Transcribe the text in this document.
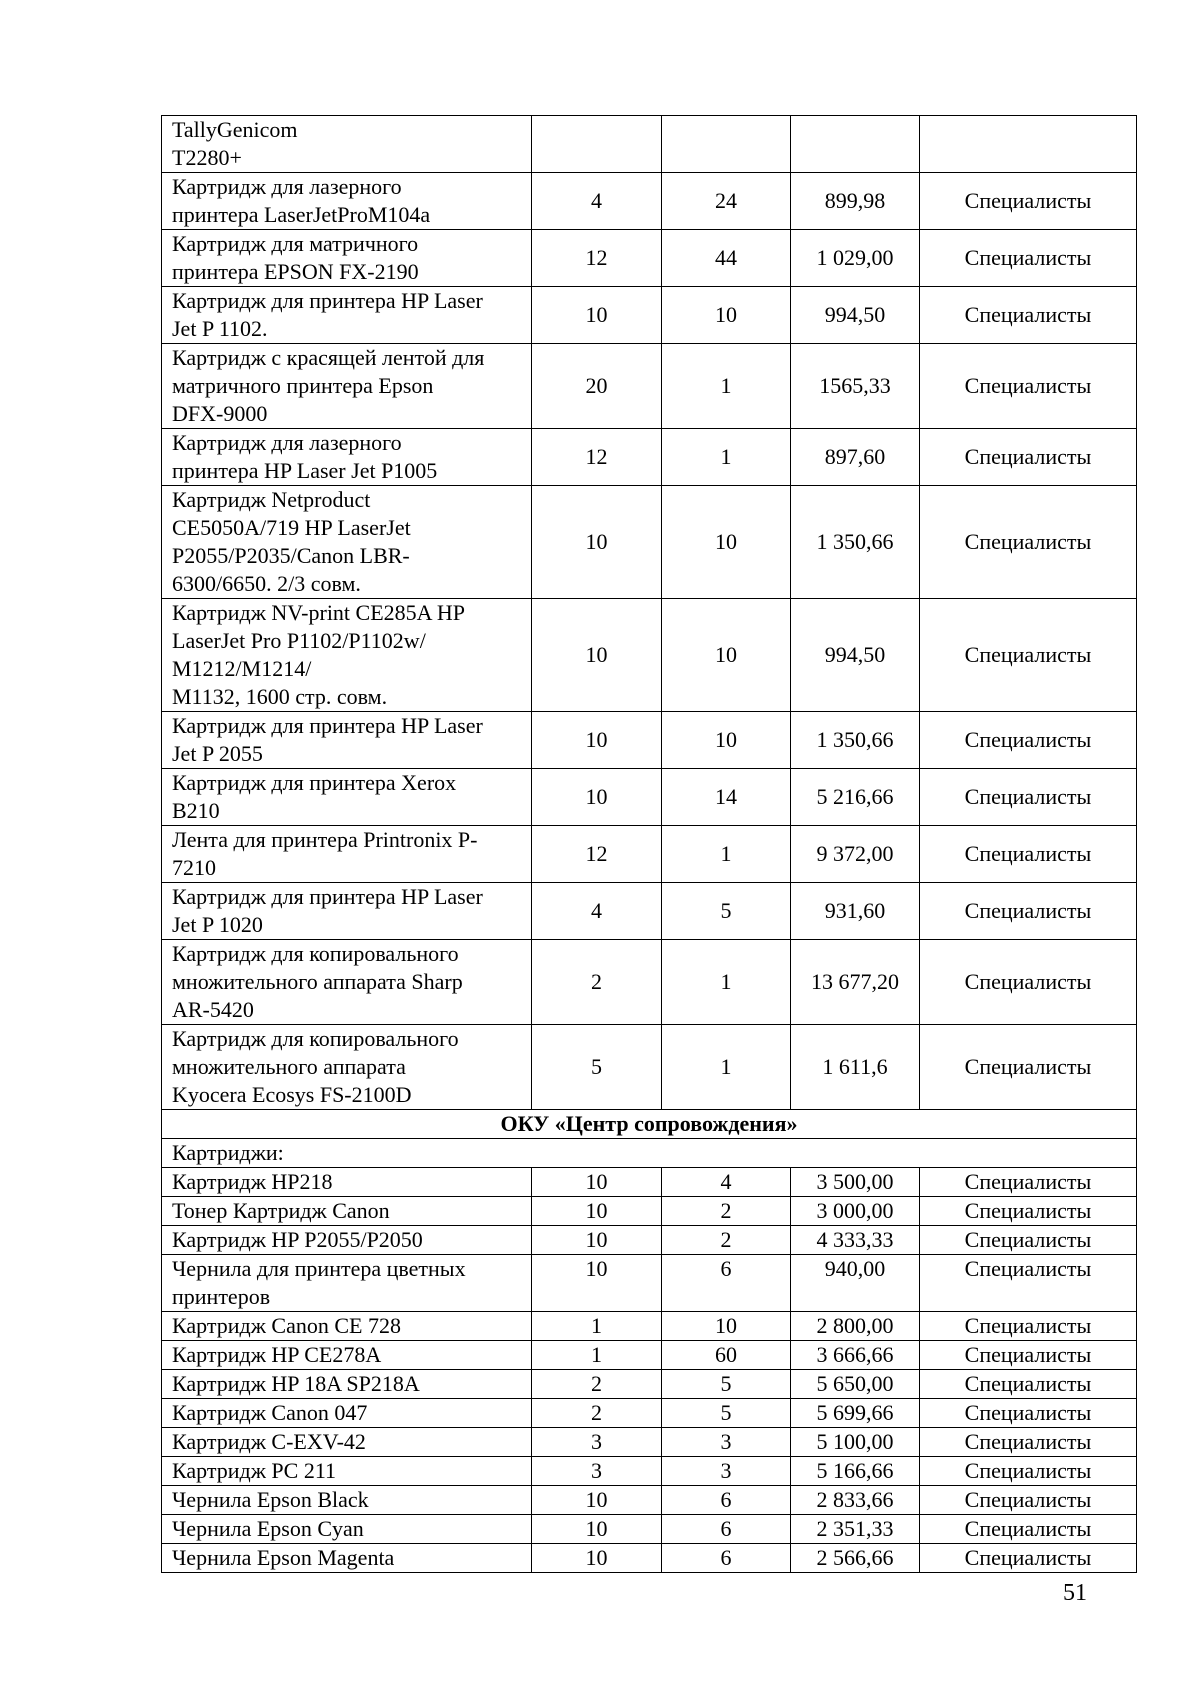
TallyGenicom
T2280+				
Картридж для лазерного
принтера LaserJetProM104a	4	24	899,98	Специалисты
Картридж для матричного
принтера EPSON FX-2190	12	44	1 029,00	Специалисты
Картридж для принтера HP Laser
Jet P 1102.	10	10	994,50	Специалисты
Картридж с красящей лентой для
матричного принтера Epson
DFX-9000	20	1	1565,33	Специалисты
Картридж для лазерного
принтера HP Laser Jet P1005	12	1	897,60	Специалисты
Картридж Netproduct
CE5050A/719 HP LaserJet
P2055/P2035/Canon LBR-
6300/6650. 2/3 совм.	10	10	1 350,66	Специалисты
Картридж NV-print CE285A HP
LaserJet Pro P1102/P1102w/
M1212/M1214/
M1132, 1600 стр. совм.	10	10	994,50	Специалисты
Картридж для принтера HP Laser
Jet P 2055	10	10	1 350,66	Специалисты
Картридж для принтера Xerox
B210	10	14	5 216,66	Специалисты
Лента для принтера Printronix P-
7210	12	1	9 372,00	Специалисты
Картридж для принтера HP Laser
Jet P 1020	4	5	931,60	Специалисты
Картридж для копировального
множительного аппарата Sharp
AR-5420	2	1	13 677,20	Специалисты
Картридж для копировального
множительного аппарата
Kyocera Ecosys FS-2100D	5	1	1 611,6	Специалисты
ОКУ «Центр сопровождения»				
Картриджи:				
Картридж HP218	10	4	3 500,00	Специалисты
Тонер Картридж Canon	10	2	3 000,00	Специалисты
Картридж HP P2055/P2050	10	2	4 333,33	Специалисты
Чернила для принтера цветных
принтеров	10	6	940,00	Специалисты
Картридж Canon CE 728	1	10	2 800,00	Специалисты
Картридж HP CE278A	1	60	3 666,66	Специалисты
Картридж HP 18A SP218A	2	5	5 650,00	Специалисты
Картридж Canon 047	2	5	5 699,66	Специалисты
Картридж C-EXV-42	3	3	5 100,00	Специалисты
Картридж PC 211	3	3	5 166,66	Специалисты
Чернила Epson Black	10	6	2 833,66	Специалисты
Чернила Epson Cyan	10	6	2 351,33	Специалисты
Чернила Epson Magenta	10	6	2 566,66	Специалисты
51
